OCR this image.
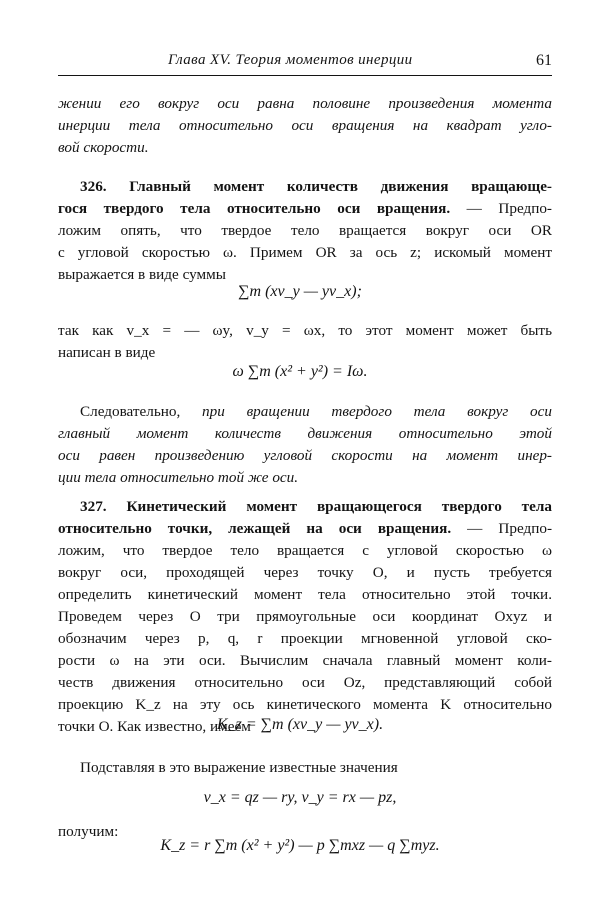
Глава XV. Теория моментов инерции	61
жении его вокруг оси равна половине произведения момента
инерции тела относительно оси вращения на квадрат угло-
вой скорости.
326. Главный момент количеств движения вращающе-
гося твердого тела относительно оси вращения. — Предпо-
ложим опять, что твердое тело вращается вокруг оси OR
с угловой скоростью ω. Примем OR за ось z; искомый момент
выражается в виде суммы
∑m (xv_y — yv_x);
так как v_x = — ωy, v_y = ωx, то этот момент может быть
написан в виде
ω ∑m (x² + y²) = Iω.
Следовательно, при вращении твердого тела вокруг оси
главный момент количеств движения относительно этой
оси равен произведению угловой скорости на момент инер-
ции тела относительно той же оси.
327. Кинетический момент вращающегося твердого тела
относительно точки, лежащей на оси вращения. — Предпо-
ложим, что твердое тело вращается с угловой скоростью ω
вокруг оси, проходящей через точку O, и пусть требуется
определить кинетический момент тела относительно этой точки.
Проведем через O три прямоугольные оси координат Oxyz и
обозначим через p, q, r проекции мгновенной угловой ско-
рости ω на эти оси. Вычислим сначала главный момент коли-
честв движения относительно оси Oz, представляющий собой
проекцию K_z на эту ось кинетического момента K относительно
точки O. Как известно, имеем
K_z = ∑m (xv_y — yv_x).
Подставляя в это выражение известные значения
v_x = qz — ry, v_y = rx — pz,
получим:
K_z = r ∑m (x² + y²) — p ∑mxz — q ∑myz.
